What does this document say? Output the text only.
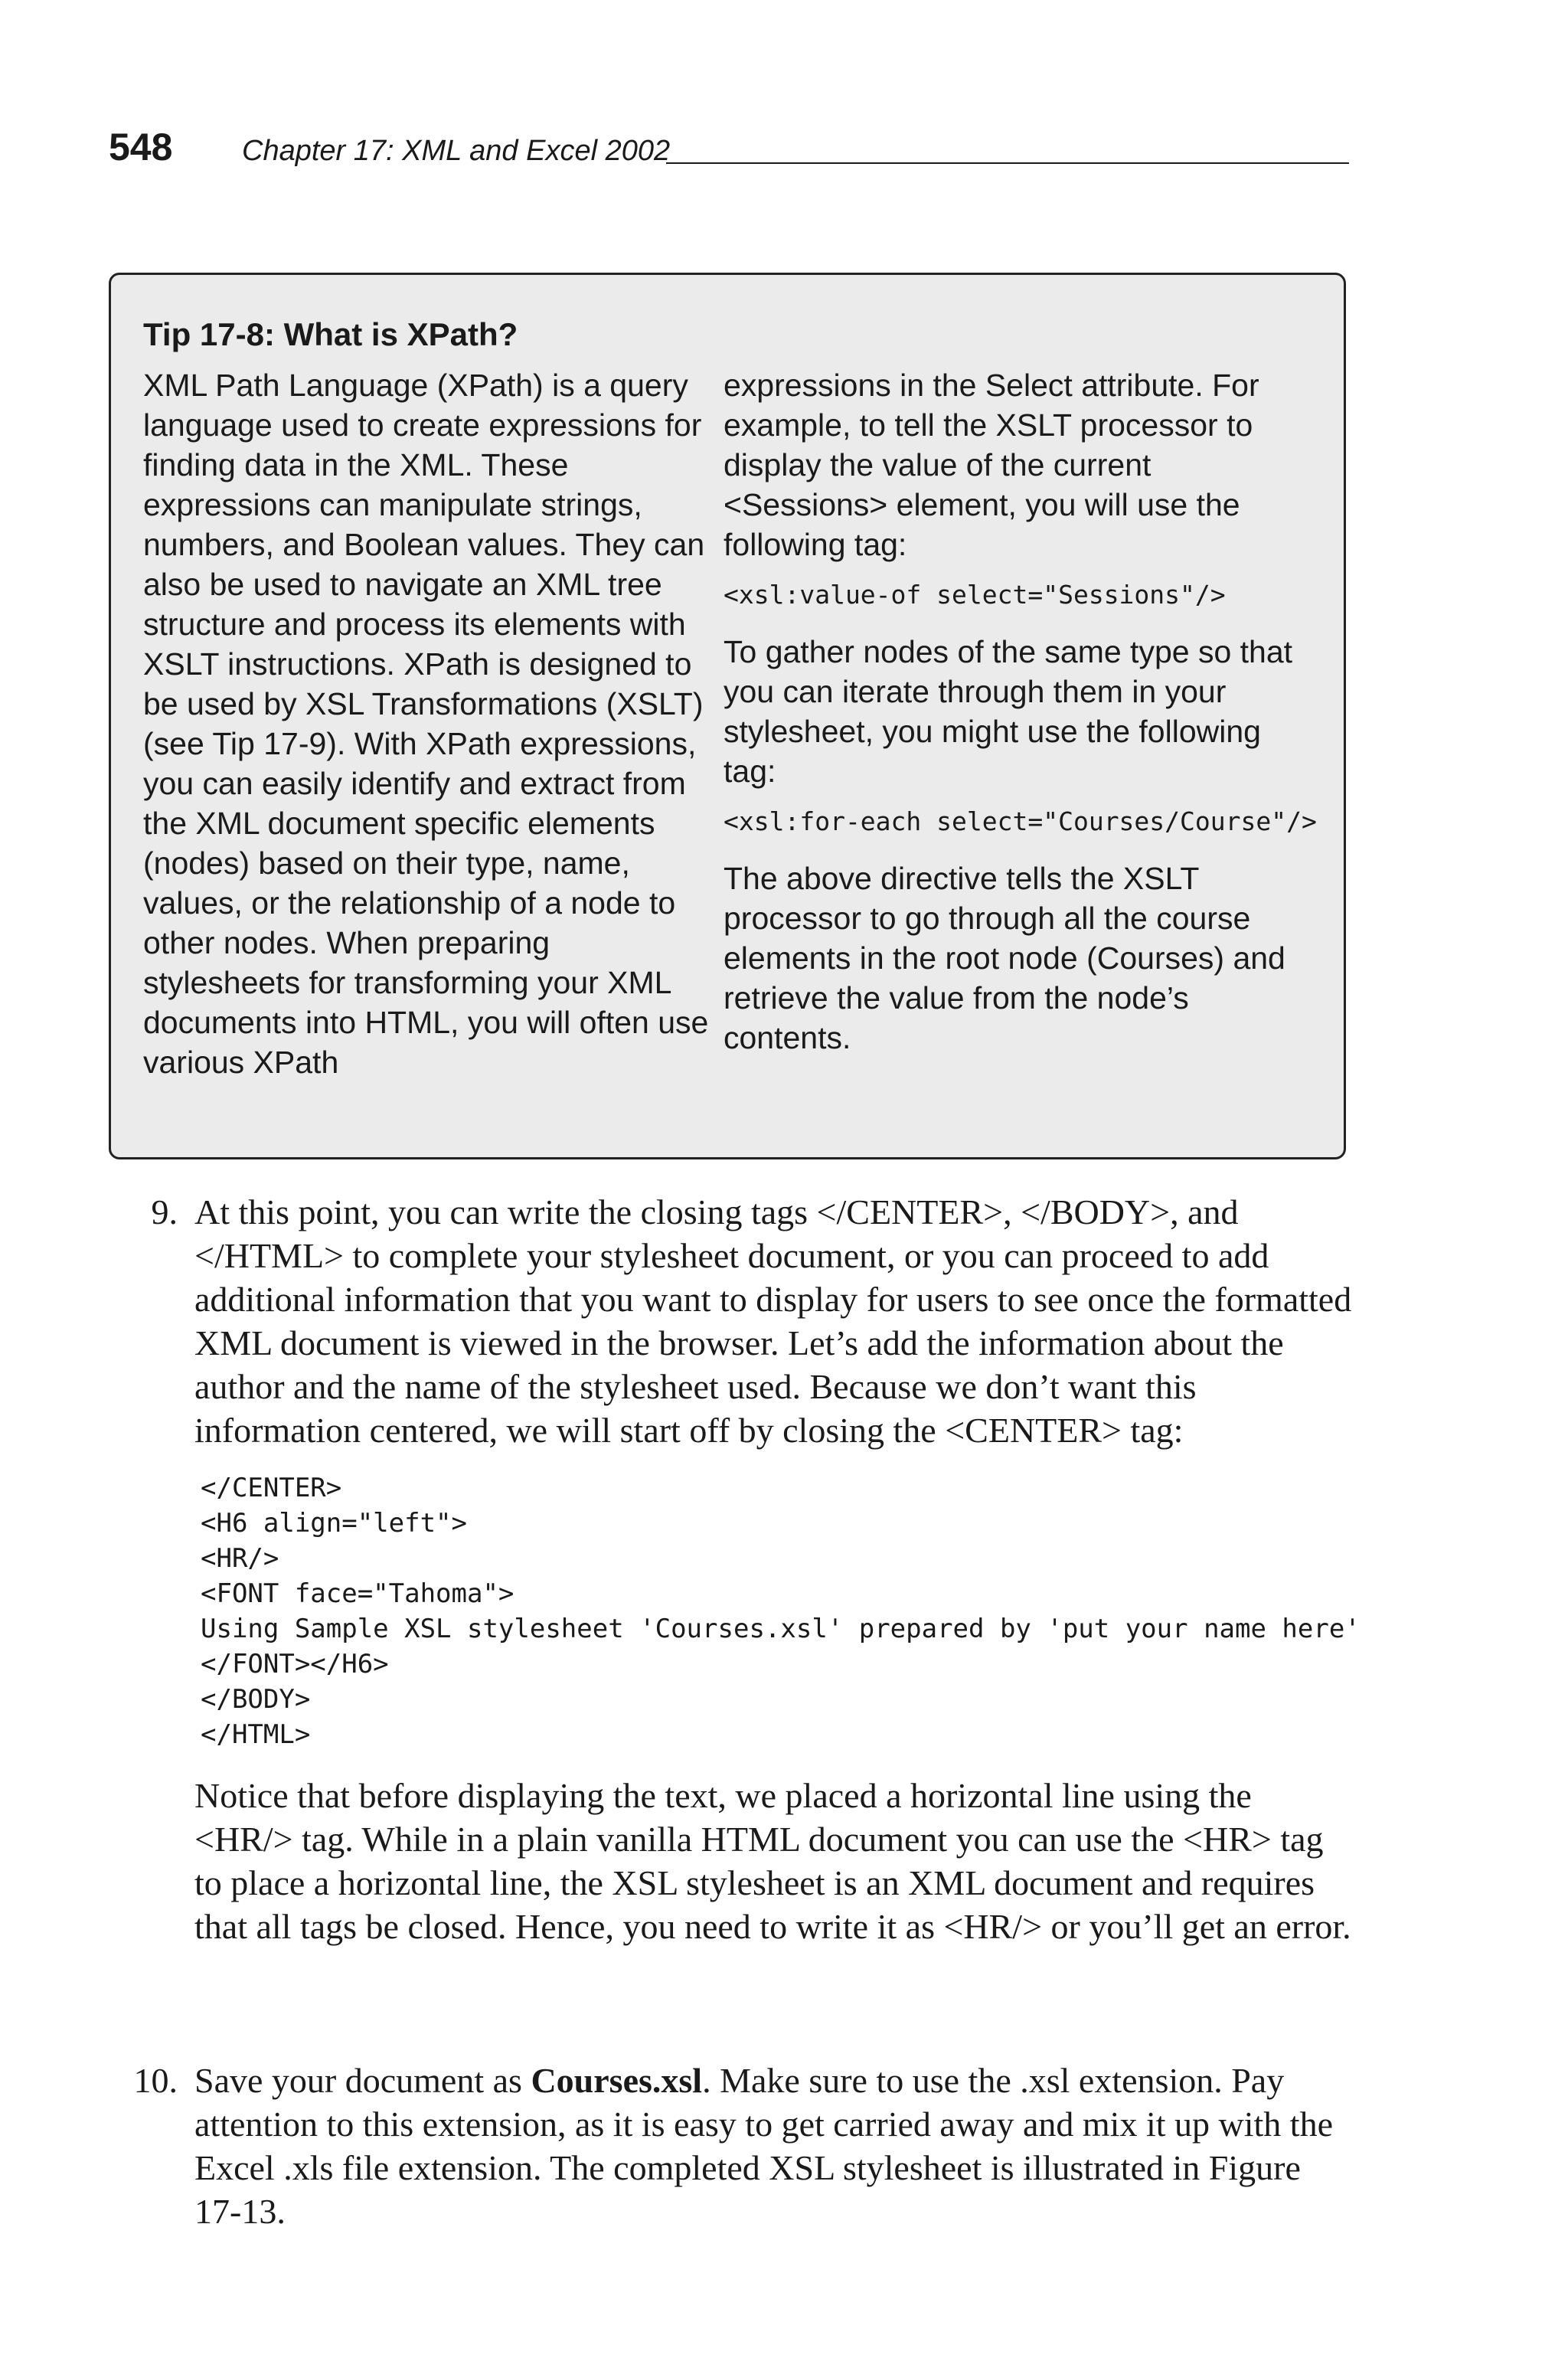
548 Chapter 17: XML and Excel 2002
Tip 17-8: What is XPath?

XML Path Language (XPath) is a query language used to create expressions for finding data in the XML. These expressions can manipulate strings, numbers, and Boolean values. They can also be used to navigate an XML tree structure and process its elements with XSLT instructions. XPath is designed to be used by XSL Transformations (XSLT) (see Tip 17-9). With XPath expressions, you can easily identify and extract from the XML document specific elements (nodes) based on their type, name, values, or the relationship of a node to other nodes. When preparing stylesheets for transforming your XML documents into HTML, you will often use various XPath

expressions in the Select attribute. For example, to tell the XSLT processor to display the value of the current <Sessions> element, you will use the following tag:

<xsl:value-of select="Sessions"/>

To gather nodes of the same type so that you can iterate through them in your stylesheet, you might use the following tag:

<xsl:for-each select="Courses/Course"/>

The above directive tells the XSLT processor to go through all the course elements in the root node (Courses) and retrieve the value from the node’s contents.

9. At this point, you can write the closing tags </CENTER>, </BODY>, and </HTML> to complete your stylesheet document, or you can proceed to add additional information that you want to display for users to see once the formatted XML document is viewed in the browser. Let’s add the information about the author and the name of the stylesheet used. Because we don’t want this information centered, we will start off by closing the <CENTER> tag:

</CENTER>
<H6 align="left">
<HR/>
<FONT face="Tahoma">
Using Sample XSL stylesheet 'Courses.xsl' prepared by 'put your name here'
</FONT></H6>
</BODY>
</HTML>

Notice that before displaying the text, we placed a horizontal line using the <HR/> tag. While in a plain vanilla HTML document you can use the <HR> tag to place a horizontal line, the XSL stylesheet is an XML document and requires that all tags be closed. Hence, you need to write it as <HR/> or you’ll get an error.

10. Save your document as Courses.xsl. Make sure to use the .xsl extension. Pay attention to this extension, as it is easy to get carried away and mix it up with the Excel .xls file extension. The completed XSL stylesheet is illustrated in Figure 17-13.
